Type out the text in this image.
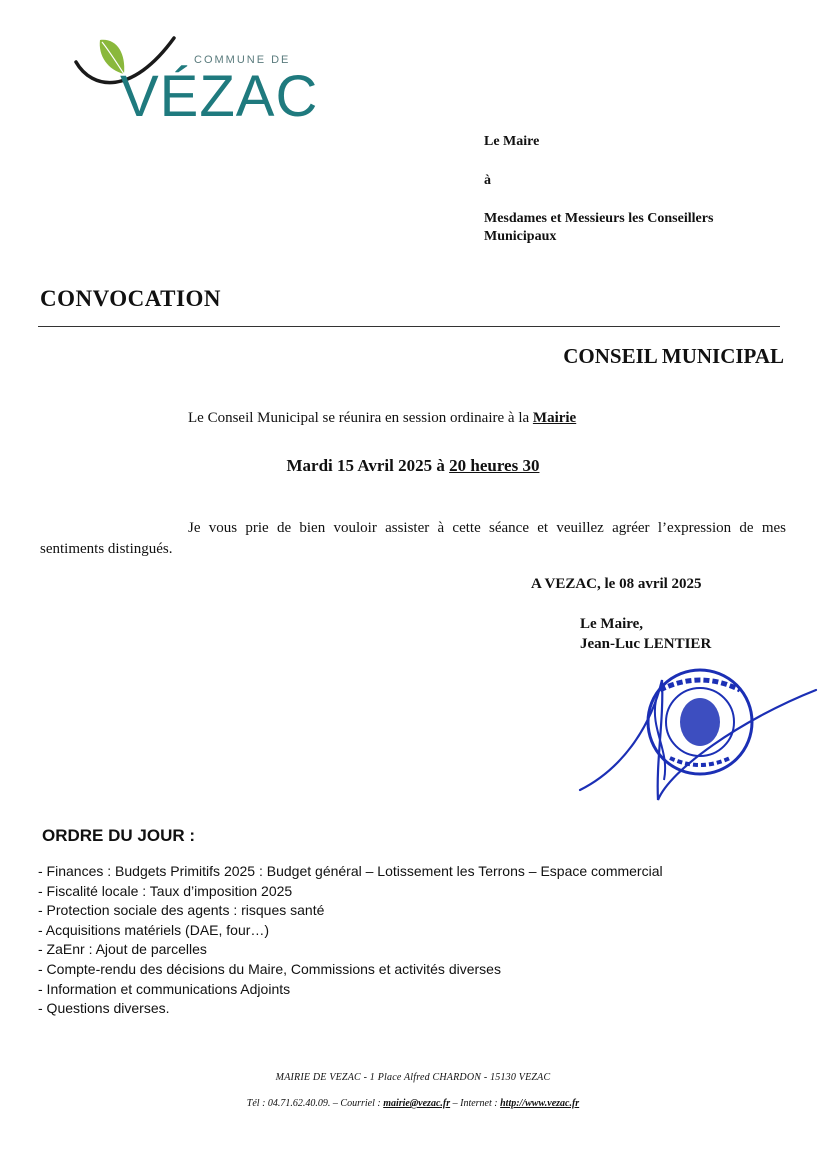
COMMUNE DE
VÉZAC
Le Maire
à
Mesdames et Messieurs les Conseillers
Municipaux
CONVOCATION
CONSEIL MUNICIPAL
Le Conseil Municipal se réunira en session ordinaire à la Mairie
Mardi 15 Avril 2025 à 20 heures 30
Je vous prie de bien vouloir assister à cette séance et veuillez agréer l’expression de mes sentiments distingués.
A VEZAC, le 08 avril 2025
Le Maire,
Jean-Luc LENTIER
ORDRE DU JOUR :
- Finances : Budgets Primitifs 2025 : Budget général – Lotissement les Terrons – Espace commercial
- Fiscalité locale : Taux d’imposition 2025
- Protection sociale des agents : risques santé
- Acquisitions matériels (DAE, four…)
- ZaEnr : Ajout de parcelles
- Compte-rendu des décisions du Maire, Commissions et activités diverses
- Information et communications Adjoints
- Questions diverses.
MAIRIE DE VEZAC - 1 Place Alfred CHARDON - 15130 VEZAC
Tél : 04.71.62.40.09. – Courriel : mairie@vezac.fr – Internet : http://www.vezac.fr
